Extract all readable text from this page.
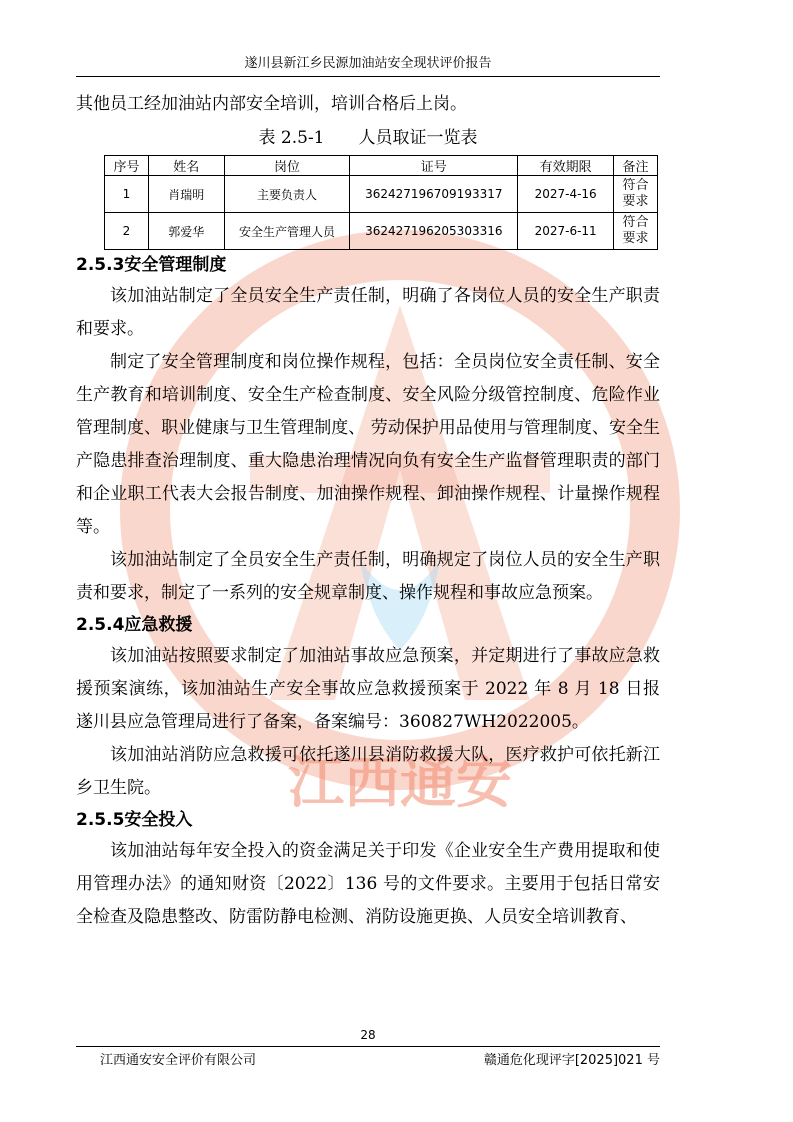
江西通安
遂川县新江乡民源加油站安全现状评价报告

其他员工经加油站内部安全培训，培训合格后上岗。

表 2.5-1　　人员取证一览表
序号	姓名	岗位	证号	有效期限	备注
1	肖瑞明	主要负责人	362427196709193317	2027-4-16	符合要求
2	郭爱华	安全生产管理人员	362427196205303316	2027-6-11	符合要求
2.5.3安全管理制度

该加油站制定了全员安全生产责任制，明确了各岗位人员的安全生产职责和要求。

制定了安全管理制度和岗位操作规程，包括：全员岗位安全责任制、安全生产教育和培训制度、安全生产检查制度、安全风险分级管控制度、危险作业管理制度、职业健康与卫生管理制度、 劳动保护用品使用与管理制度、安全生产隐患排查治理制度、重大隐患治理情况向负有安全生产监督管理职责的部门和企业职工代表大会报告制度、加油操作规程、卸油操作规程、计量操作规程等。

该加油站制定了全员安全生产责任制，明确规定了岗位人员的安全生产职责和要求，制定了一系列的安全规章制度、操作规程和事故应急预案。

2.5.4应急救援

该加油站按照要求制定了加油站事故应急预案，并定期进行了事故应急救援预案演练，该加油站生产安全事故应急救援预案于 2022 年 8 月 18 日报遂川县应急管理局进行了备案，备案编号：360827WH2022005。

该加油站消防应急救援可依托遂川县消防救援大队，医疗救护可依托新江乡卫生院。

2.5.5安全投入

该加油站每年安全投入的资金满足关于印发《企业安全生产费用提取和使用管理办法》的通知财资〔2022〕136 号的文件要求。主要用于包括日常安全检查及隐患整改、防雷防静电检测、消防设施更换、人员安全培训教育、

28
江西通安安全评价有限公司	赣通危化现评字[2025]021 号
